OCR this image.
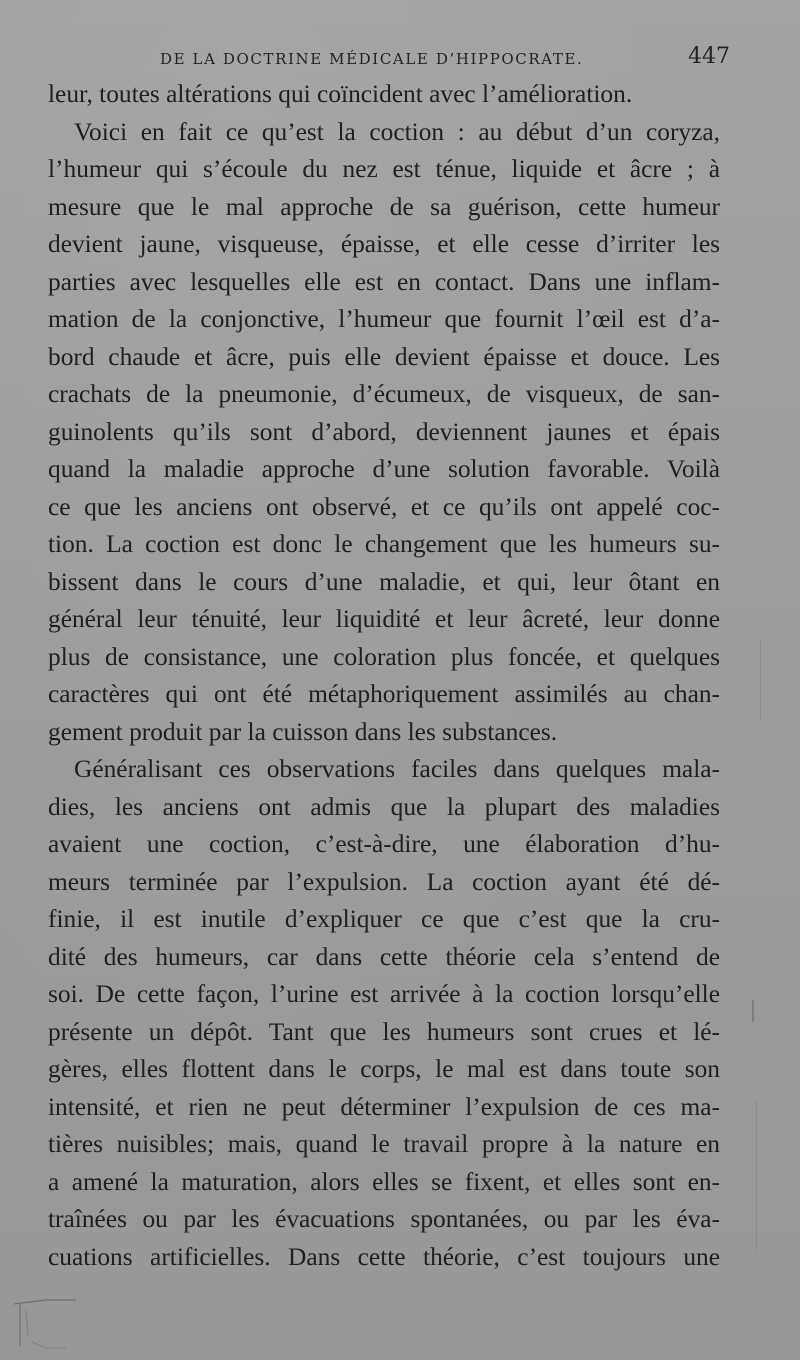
DE LA DOCTRINE MÉDICALE D’HIPPOCRATE.	447
leur, toutes altérations qui coïncident avec l’amélioration.
Voici en fait ce qu’est la coction : au début d’un coryza,
l’humeur qui s’écoule du nez est ténue, liquide et âcre ; à
mesure que le mal approche de sa guérison, cette humeur
devient jaune, visqueuse, épaisse, et elle cesse d’irriter les
parties avec lesquelles elle est en contact. Dans une inflam-
mation de la conjonctive, l’humeur que fournit l’œil est d’a-
bord chaude et âcre, puis elle devient épaisse et douce. Les
crachats de la pneumonie, d’écumeux, de visqueux, de san-
guinolents qu’ils sont d’abord, deviennent jaunes et épais
quand la maladie approche d’une solution favorable. Voilà
ce que les anciens ont observé, et ce qu’ils ont appelé coc-
tion. La coction est donc le changement que les humeurs su-
bissent dans le cours d’une maladie, et qui, leur ôtant en
général leur ténuité, leur liquidité et leur âcreté, leur donne
plus de consistance, une coloration plus foncée, et quelques
caractères qui ont été métaphoriquement assimilés au chan-
gement produit par la cuisson dans les substances.
Généralisant ces observations faciles dans quelques mala-
dies, les anciens ont admis que la plupart des maladies
avaient une coction, c’est-à-dire, une élaboration d’hu-
meurs terminée par l’expulsion. La coction ayant été dé-
finie, il est inutile d’expliquer ce que c’est que la cru-
dité des humeurs, car dans cette théorie cela s’entend de
soi. De cette façon, l’urine est arrivée à la coction lorsqu’elle
présente un dépôt. Tant que les humeurs sont crues et lé-
gères, elles flottent dans le corps, le mal est dans toute son
intensité, et rien ne peut déterminer l’expulsion de ces ma-
tières nuisibles; mais, quand le travail propre à la nature en
a amené la maturation, alors elles se fixent, et elles sont en-
traînées ou par les évacuations spontanées, ou par les éva-
cuations artificielles. Dans cette théorie, c’est toujours une
